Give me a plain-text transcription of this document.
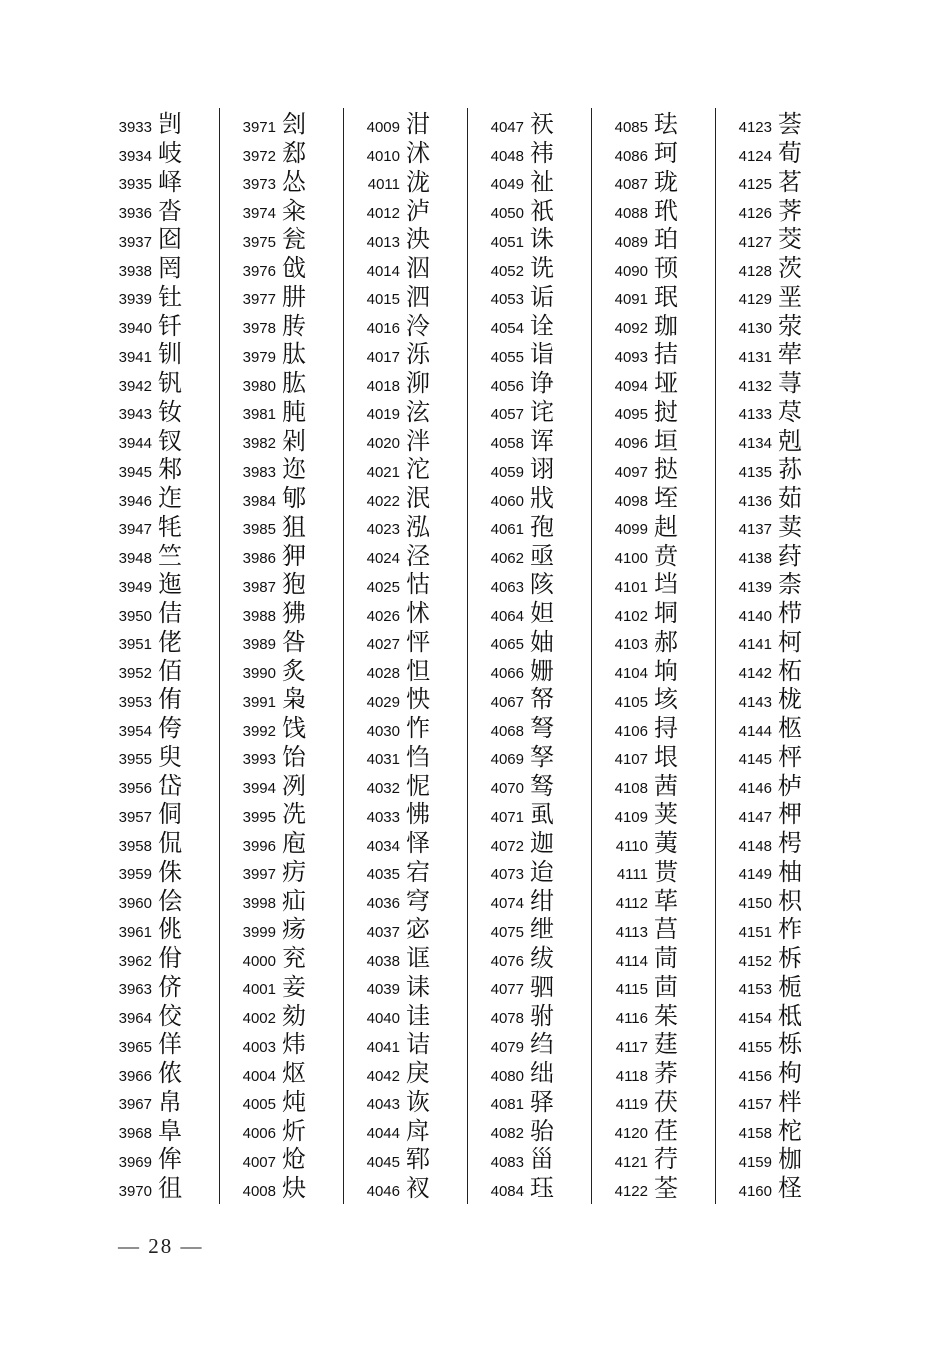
3933 剀
3934 岐
3935 峄
3936 沓
3937 囵
3938 罔
3939 钍
3940 钎
3941 钏
3942 钒
3943 钕
3944 钗
3945 邾
3946 迮
3947 牦
3948 竺
3949 迤
3950 佶
3951 佬
3952 佰
3953 侑
3954 侉
3955 臾
3956 岱
3957 侗
3958 侃
3959 侏
3960 侩
3961 佻
3962 佾
3963 侪
3964 佼
3965 佯
3966 侬
3967 帛
3968 阜
3969 侔
3970 徂
3971 刽
3972 郄
3973 怂
3974 籴
3975 瓮
3976 戗
3977 肼
3978 䏝
3979 肽
3980 肱
3981 肫
3982 剁
3983 迩
3984 郇
3985 狙
3986 狎
3987 狍
3988 狒
3989 咎
3990 炙
3991 枭
3992 饯
3993 饴
3994 冽
3995 冼
3996 庖
3997 疠
3998 疝
3999 疡
4000 兖
4001 妾
4002 劾
4003 炜
4004 𬉼
4005 炖
4006 炘
4007 炝
4008 炔
4009 泔
4010 沭
4011 泷
4012 泸
4013 泱
4014 泅
4015 泗
4016 泠
4017 泺
4018 泖
4019 泫
4020 泮
4021 沱
4022 泯
4023 泓
4024 泾
4025 怙
4026 怵
4027 怦
4028 怛
4029 怏
4030 怍
4031 㤘
4032 怩
4033 怫
4034 怿
4035 宕
4036 穹
4037 宓
4038 诓
4039 诔
4040 诖
4041 诘
4042 戾
4043 诙
4044 戽
4045 郓
4046 衩
4047 祆
4048 祎
4049 祉
4050 祇
4051 诛
4052 诜
4053 诟
4054 诠
4055 诣
4056 诤
4057 诧
4058 诨
4059 诩
4060 戕
4061 孢
4062 亟
4063 陔
4064 妲
4065 妯
4066 姗
4067 帑
4068 弩
4069 孥
4070 驽
4071 虱
4072 迦
4073 迨
4074 绀
4075 绁
4076 绂
4077 驷
4078 驸
4079 绉
4080 绌
4081 驿
4082 骀
4083 甾
4084 珏
4085 珐
4086 珂
4087 珑
4088 玳
4089 珀
4090 顸
4091 珉
4092 珈
4093 拮
4094 垭
4095 挝
4096 垣
4097 挞
4098 垤
4099 赳
4100 贲
4101 垱
4102 垌
4103 郝
4104 垧
4105 垓
4106 挦
4107 垠
4108 茜
4109 荚
4110 荑
4111 贳
4112 荜
4113 莒
4114 茼
4115 茴
4116 茱
4117 莛
4118 荞
4119 茯
4120 荏
4121 荇
4122 荃
4123 荟
4124 荀
4125 茗
4126 荠
4127 茭
4128 茨
4129 垩
4130 荥
4131 荦
4132 荨
4133 荩
4134 剋
4135 荪
4136 茹
4137 荬
4138 荮
4139 柰
4140 栉
4141 柯
4142 柘
4143 栊
4144 柩
4145 枰
4146 栌
4147 柙
4148 枵
4149 柚
4150 枳
4151 柞
4152 柝
4153 栀
4154 柢
4155 栎
4156 枸
4157 柈
4158 柁
4159 枷
4160 柽
— 28 —
